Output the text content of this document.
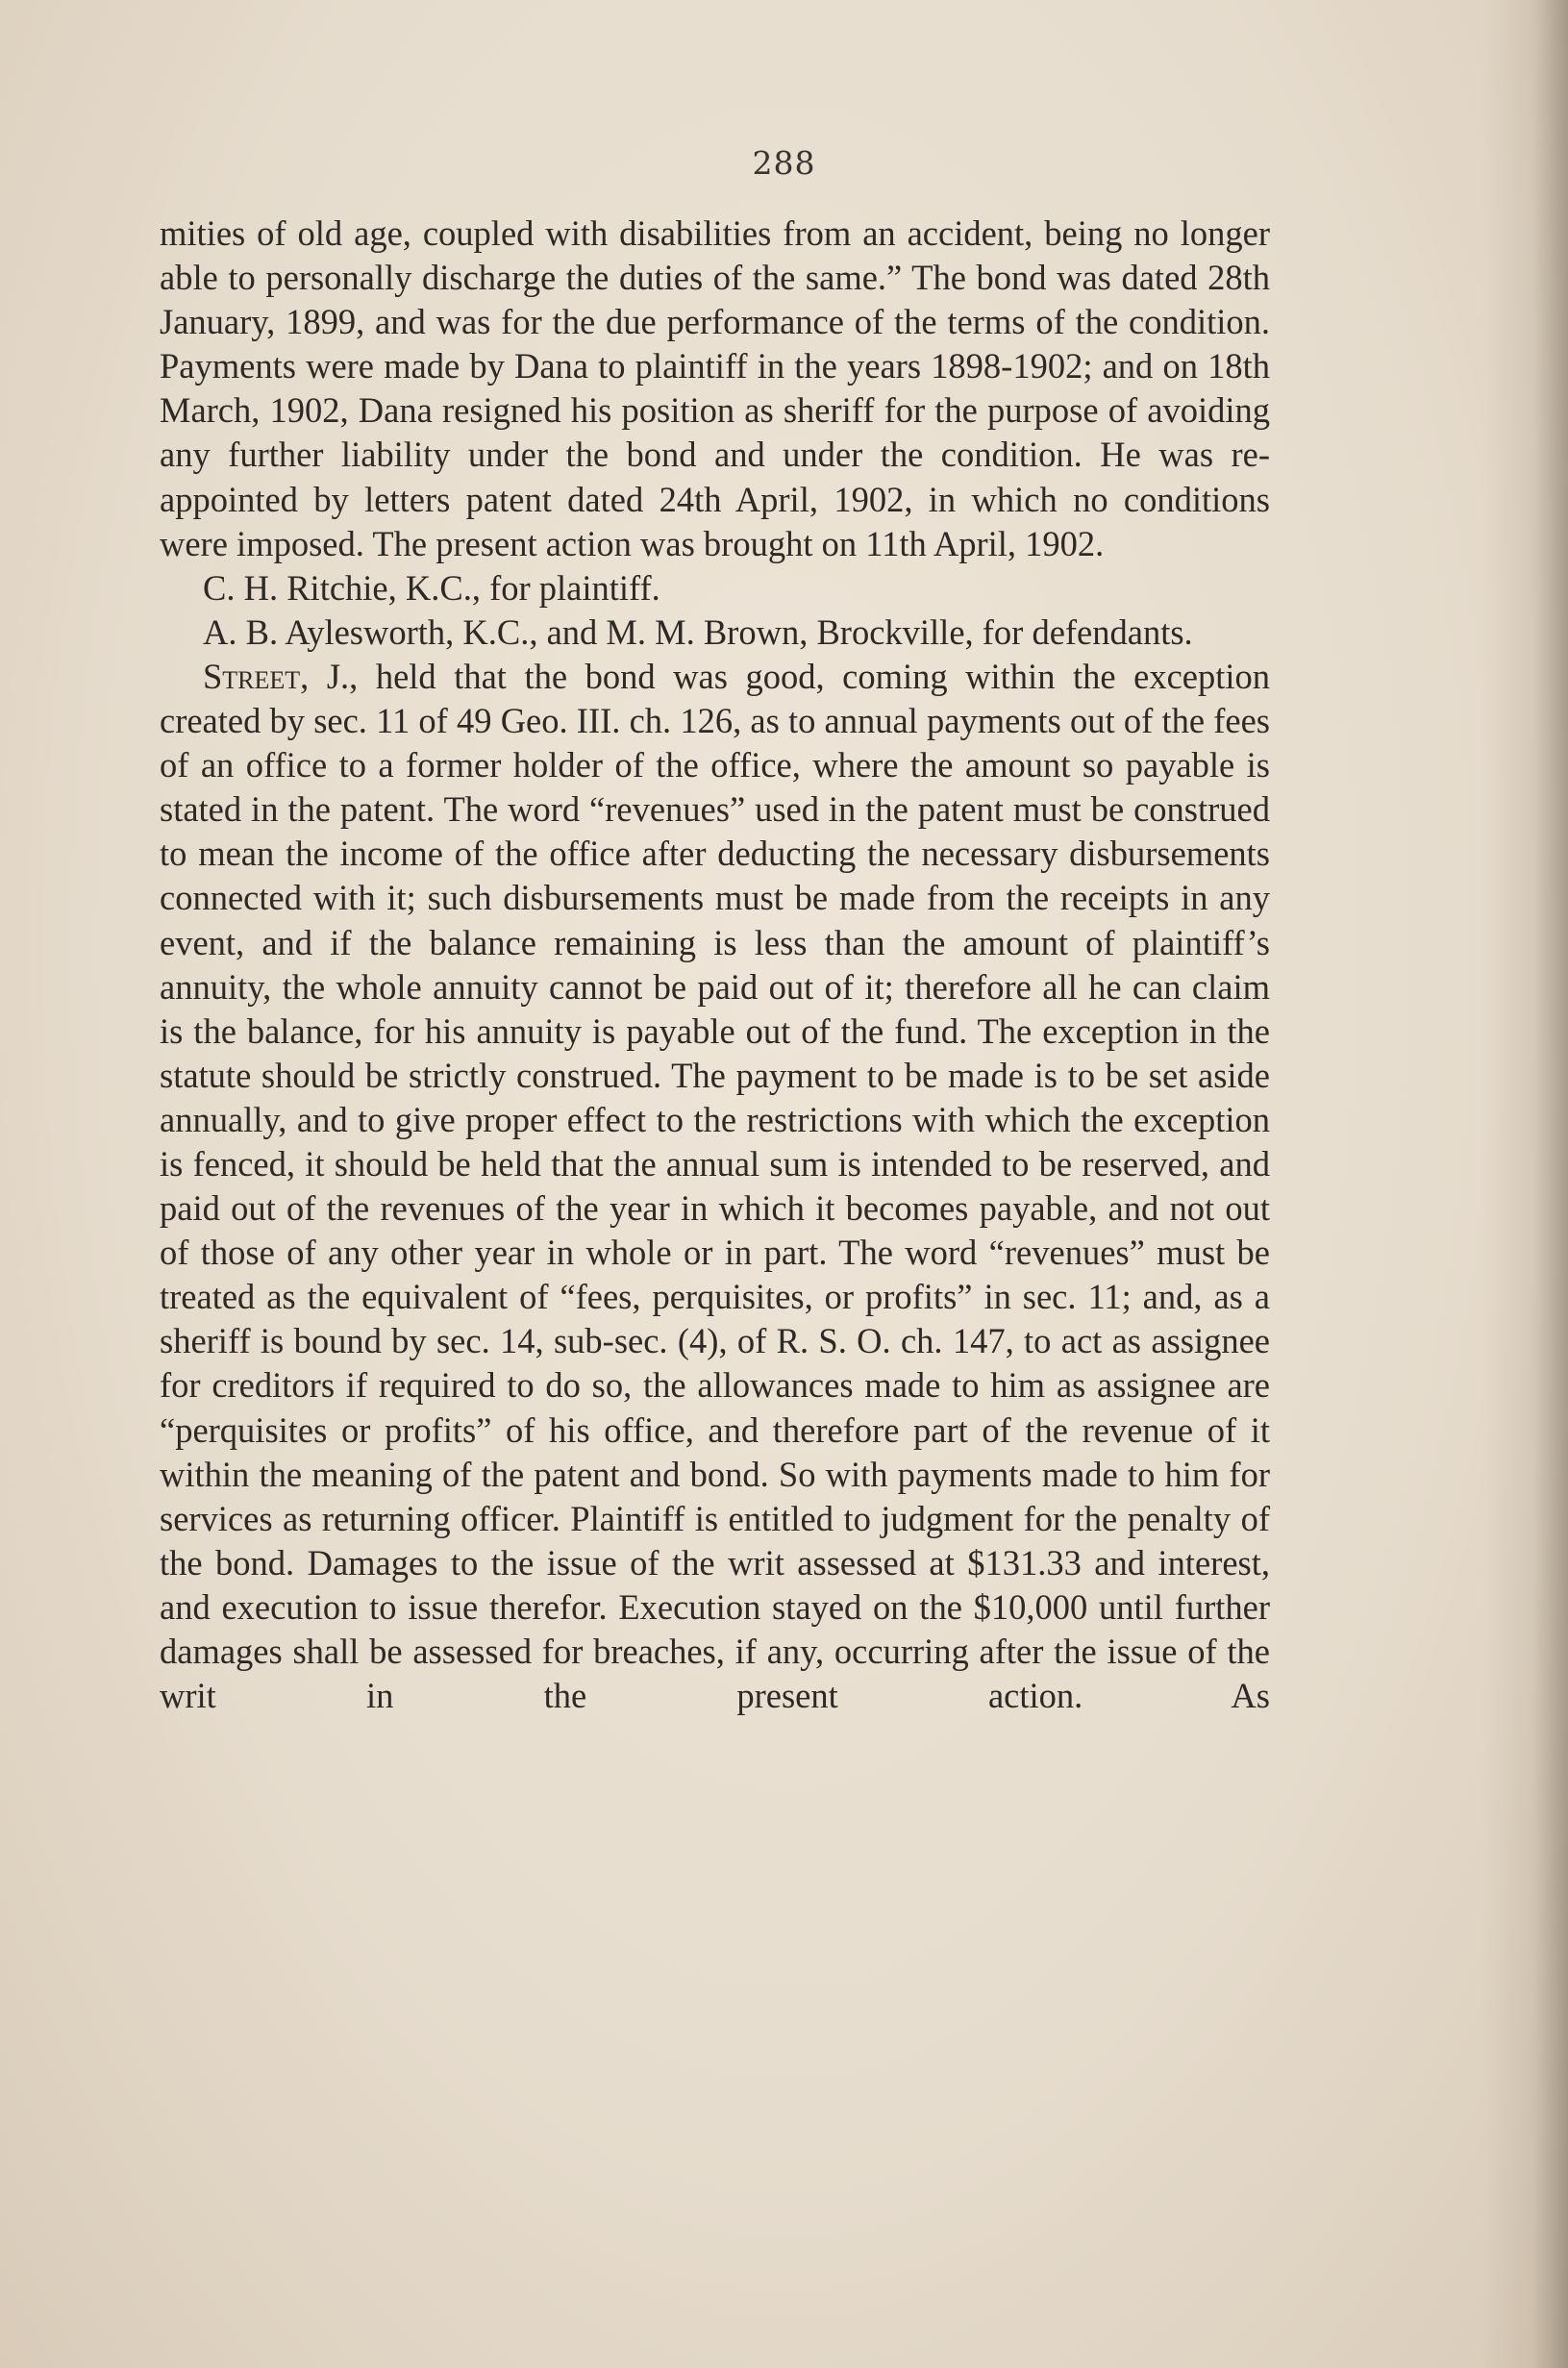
288

mities of old age, coupled with disabilities from an accident, being no longer able to personally discharge the duties of the same.” The bond was dated 28th January, 1899, and was for the due performance of the terms of the condition. Payments were made by Dana to plaintiff in the years 1898-1902; and on 18th March, 1902, Dana resigned his position as sheriff for the purpose of avoiding any further liability under the bond and under the condition. He was re-appointed by letters patent dated 24th April, 1902, in which no conditions were imposed. The present action was brought on 11th April, 1902.

C. H. Ritchie, K.C., for plaintiff.

A. B. Aylesworth, K.C., and M. M. Brown, Brockville, for defendants.

Street, J., held that the bond was good, coming within the exception created by sec. 11 of 49 Geo. III. ch. 126, as to annual payments out of the fees of an office to a former holder of the office, where the amount so payable is stated in the patent. The word “revenues” used in the patent must be construed to mean the income of the office after deducting the necessary disbursements connected with it; such disbursements must be made from the receipts in any event, and if the balance remaining is less than the amount of plaintiff’s annuity, the whole annuity cannot be paid out of it; therefore all he can claim is the balance, for his annuity is payable out of the fund. The exception in the statute should be strictly construed. The payment to be made is to be set aside annually, and to give proper effect to the restrictions with which the exception is fenced, it should be held that the annual sum is intended to be reserved, and paid out of the revenues of the year in which it becomes payable, and not out of those of any other year in whole or in part. The word “revenues” must be treated as the equivalent of “fees, perquisites, or profits” in sec. 11; and, as a sheriff is bound by sec. 14, sub-sec. (4), of R. S. O. ch. 147, to act as assignee for creditors if required to do so, the allowances made to him as assignee are “perquisites or profits” of his office, and therefore part of the revenue of it within the meaning of the patent and bond. So with payments made to him for services as returning officer. Plaintiff is entitled to judgment for the penalty of the bond. Damages to the issue of the writ assessed at $131.33 and interest, and execution to issue therefor. Execution stayed on the $10,000 until further damages shall be assessed for breaches, if any, occurring after the issue of the writ in the present action. As
